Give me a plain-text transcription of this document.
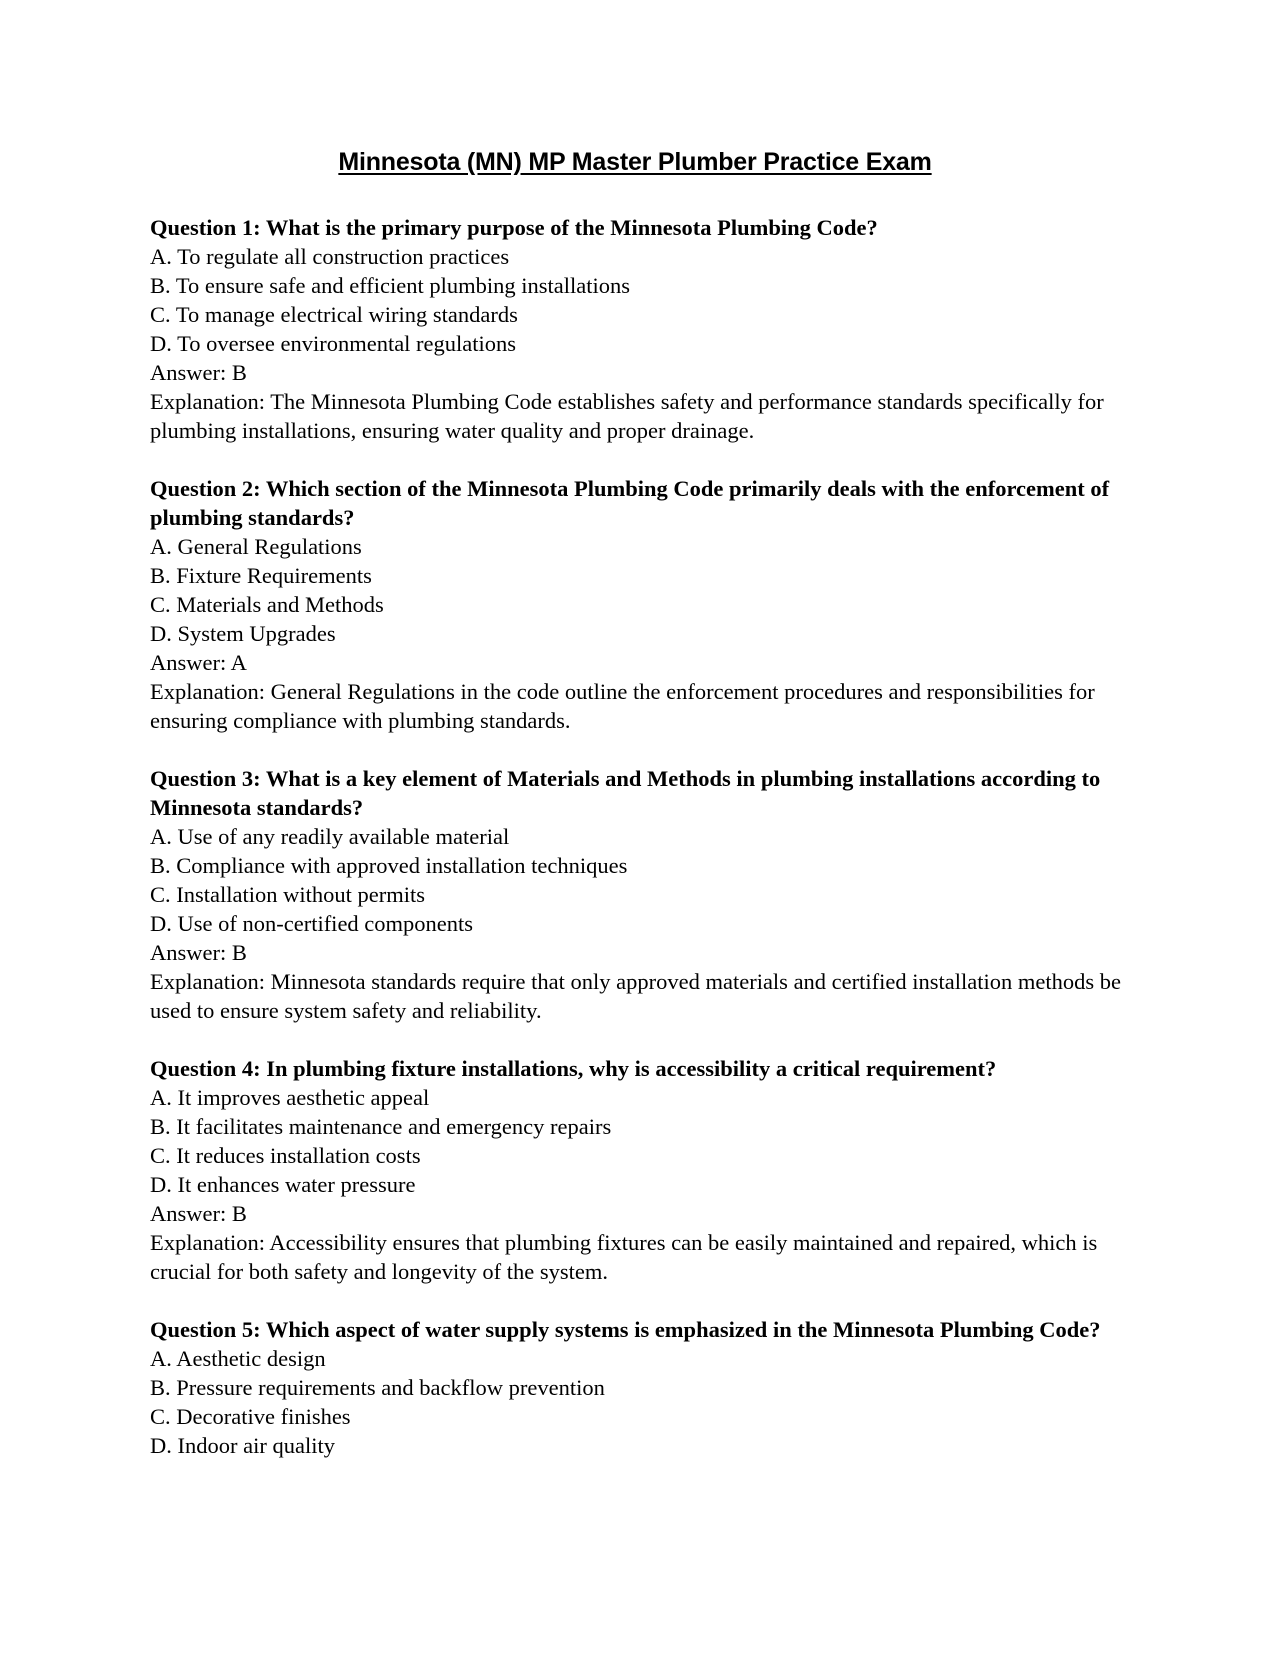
Minnesota (MN) MP Master Plumber Practice Exam
Question 1: What is the primary purpose of the Minnesota Plumbing Code?
A. To regulate all construction practices
B. To ensure safe and efficient plumbing installations
C. To manage electrical wiring standards
D. To oversee environmental regulations
Answer: B
Explanation: The Minnesota Plumbing Code establishes safety and performance standards specifically for plumbing installations, ensuring water quality and proper drainage.
Question 2: Which section of the Minnesota Plumbing Code primarily deals with the enforcement of plumbing standards?
A. General Regulations
B. Fixture Requirements
C. Materials and Methods
D. System Upgrades
Answer: A
Explanation: General Regulations in the code outline the enforcement procedures and responsibilities for ensuring compliance with plumbing standards.
Question 3: What is a key element of Materials and Methods in plumbing installations according to Minnesota standards?
A. Use of any readily available material
B. Compliance with approved installation techniques
C. Installation without permits
D. Use of non-certified components
Answer: B
Explanation: Minnesota standards require that only approved materials and certified installation methods be used to ensure system safety and reliability.
Question 4: In plumbing fixture installations, why is accessibility a critical requirement?
A. It improves aesthetic appeal
B. It facilitates maintenance and emergency repairs
C. It reduces installation costs
D. It enhances water pressure
Answer: B
Explanation: Accessibility ensures that plumbing fixtures can be easily maintained and repaired, which is crucial for both safety and longevity of the system.
Question 5: Which aspect of water supply systems is emphasized in the Minnesota Plumbing Code?
A. Aesthetic design
B. Pressure requirements and backflow prevention
C. Decorative finishes
D. Indoor air quality
